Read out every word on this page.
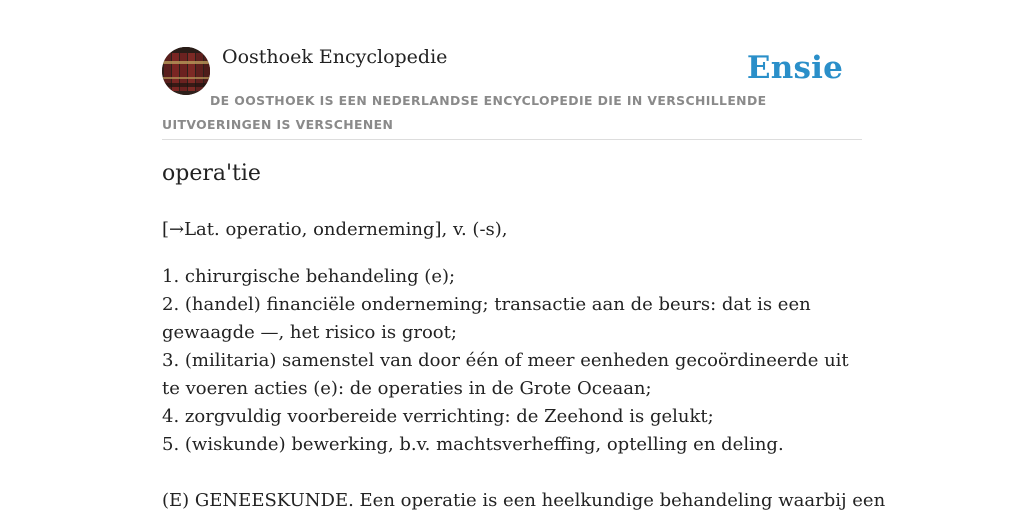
Oosthoek Encyclopedie	Ensie

DE OOSTHOEK IS EEN NEDERLANDSE ENCYCLOPEDIE DIE IN VERSCHILLENDE UITVOERINGEN IS VERSCHENEN

opera'tie

[→Lat. operatio, onderneming], v. (-s),

1. chirurgische behandeling (e);
2. (handel) financiële onderneming; transactie aan de beurs: dat is een gewaagde —, het risico is groot;
3. (militaria) samenstel van door één of meer eenheden gecoördineerde uit te voeren acties (e): de operaties in de Grote Oceaan;
4. zorgvuldig voorbereide verrichting: de Zeehond is gelukt;
5. (wiskunde) bewerking, b.v. machtsverheffing, optelling en deling.

(E) GENEESKUNDE. Een operatie is een heelkundige behandeling waarbij een
